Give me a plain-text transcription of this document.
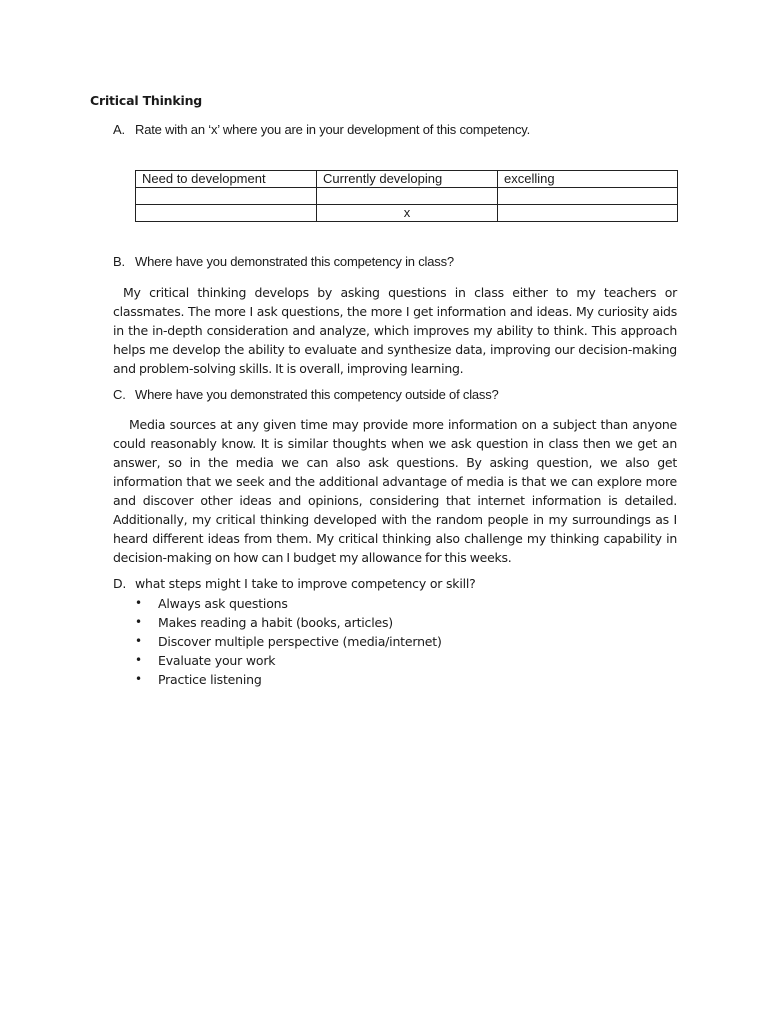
Critical Thinking
A. Rate with an ‘x’ where you are in your development of this competency.
Need to development	Currently developing	excelling

	x	
B. Where have you demonstrated this competency in class?
My critical thinking develops by asking questions in class either to my teachers or classmates. The more I ask questions, the more I get information and ideas. My curiosity aids in the in-depth consideration and analyze, which improves my ability to think. This approach helps me develop the ability to evaluate and synthesize data, improving our decision-making and problem-solving skills. It is overall, improving learning.
C. Where have you demonstrated this competency outside of class?
Media sources at any given time may provide more information on a subject than anyone could reasonably know. It is similar thoughts when we ask question in class then we get an answer, so in the media we can also ask questions. By asking question, we also get information that we seek and the additional advantage of media is that we can explore more and discover other ideas and opinions, considering that internet information is detailed. Additionally, my critical thinking developed with the random people in my surroundings as I heard different ideas from them. My critical thinking also challenge my thinking capability in decision-making on how can I budget my allowance for this weeks.
D. what steps might I take to improve competency or skill?
• Always ask questions
• Makes reading a habit (books, articles)
• Discover multiple perspective (media/internet)
• Evaluate your work
• Practice listening
